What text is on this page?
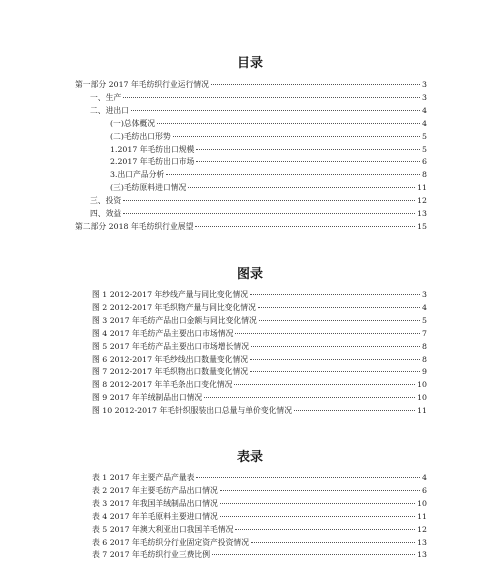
目录
第一部分 2017 年毛纺织行业运行情况	3
一、生产	3
二、进出口	4
(一)总体概况	4
(二)毛纺出口形势	5
1.2017 年毛纺出口规模	5
2.2017 年毛纺出口市场	6
3.出口产品分析	8
(三)毛纺原料进口情况	11
三、投资	12
四、效益	13
第二部分 2018 年毛纺织行业展望	15
图录
图 1 2012-2017 年纱线产量与同比变化情况	3
图 2 2012-2017 年毛织物产量与同比变化情况	4
图 3 2017 年毛纺产品出口金额与同比变化情况	5
图 4 2017 年毛纺产品主要出口市场情况	7
图 5 2017 年毛纺产品主要出口市场增长情况	8
图 6 2012-2017 年毛纱线出口数量变化情况	8
图 7 2012-2017 年毛织物出口数量变化情况	9
图 8 2012-2017 年羊毛条出口变化情况	10
图 9 2017 年羊绒制品出口情况	10
图 10 2012-2017 年毛针织服装出口总量与单价变化情况	11
表录
表 1 2017 年主要产品产量表	4
表 2 2017 年主要毛纺产品出口情况	6
表 3 2017 年我国羊绒制品出口情况	10
表 4 2017 年羊毛原料主要进口情况	11
表 5 2017 年澳大利亚出口我国羊毛情况	12
表 6 2017 年毛纺织分行业固定资产投资情况	13
表 7 2017 年毛纺织行业三费比例	13
